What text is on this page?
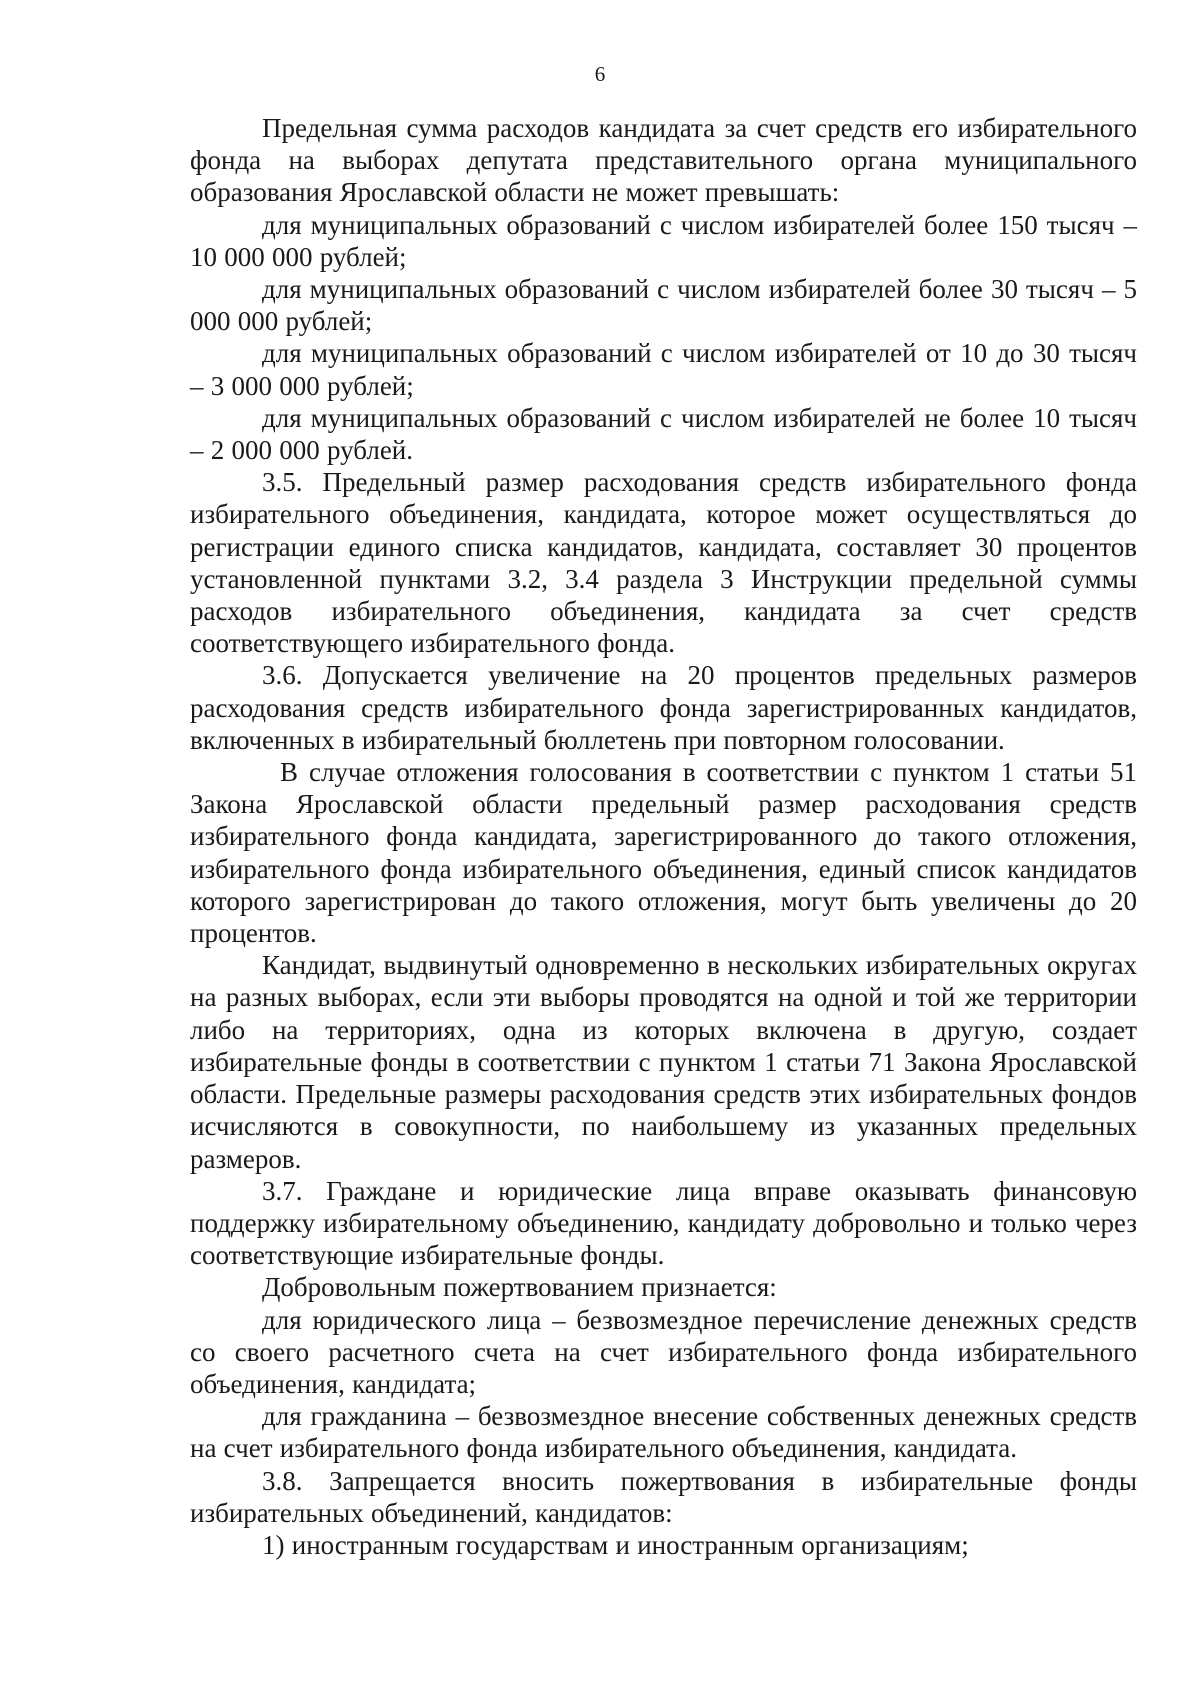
6

Предельная сумма расходов кандидата за счет средств его избирательного фонда на выборах депутата представительного органа муниципального образования Ярославской области не может превышать:

для муниципальных образований с числом избирателей более 150 тысяч – 10 000 000 рублей;

для муниципальных образований с числом избирателей более 30 тысяч – 5 000 000 рублей;

для муниципальных образований с числом избирателей от 10 до 30 тысяч – 3 000 000 рублей;

для муниципальных образований с числом избирателей не более 10 тысяч – 2 000 000 рублей.

3.5. Предельный размер расходования средств избирательного фонда избирательного объединения, кандидата, которое может осуществляться до регистрации единого списка кандидатов, кандидата, составляет 30 процентов установленной пунктами 3.2, 3.4 раздела 3 Инструкции предельной суммы расходов избирательного объединения, кандидата за счет средств соответствующего избирательного фонда.

3.6. Допускается увеличение на 20 процентов предельных размеров расходования средств избирательного фонда зарегистрированных кандидатов, включенных в избирательный бюллетень при повторном голосовании.

В случае отложения голосования в соответствии с пунктом 1 статьи 51 Закона Ярославской области предельный размер расходования средств избирательного фонда кандидата, зарегистрированного до такого отложения, избирательного фонда избирательного объединения, единый список кандидатов которого зарегистрирован до такого отложения, могут быть увеличены до 20 процентов.

Кандидат, выдвинутый одновременно в нескольких избирательных округах на разных выборах, если эти выборы проводятся на одной и той же территории либо на территориях, одна из которых включена в другую, создает избирательные фонды в соответствии с пунктом 1 статьи 71 Закона Ярославской области. Предельные размеры расходования средств этих избирательных фондов исчисляются в совокупности, по наибольшему из указанных предельных размеров.

3.7. Граждане и юридические лица вправе оказывать финансовую поддержку избирательному объединению, кандидату добровольно и только через соответствующие избирательные фонды.

Добровольным пожертвованием признается:

для юридического лица – безвозмездное перечисление денежных средств со своего расчетного счета на счет избирательного фонда избирательного объединения, кандидата;

для гражданина – безвозмездное внесение собственных денежных средств на счет избирательного фонда избирательного объединения, кандидата.

3.8. Запрещается вносить пожертвования в избирательные фонды избирательных объединений, кандидатов:

1) иностранным государствам и иностранным организациям;
